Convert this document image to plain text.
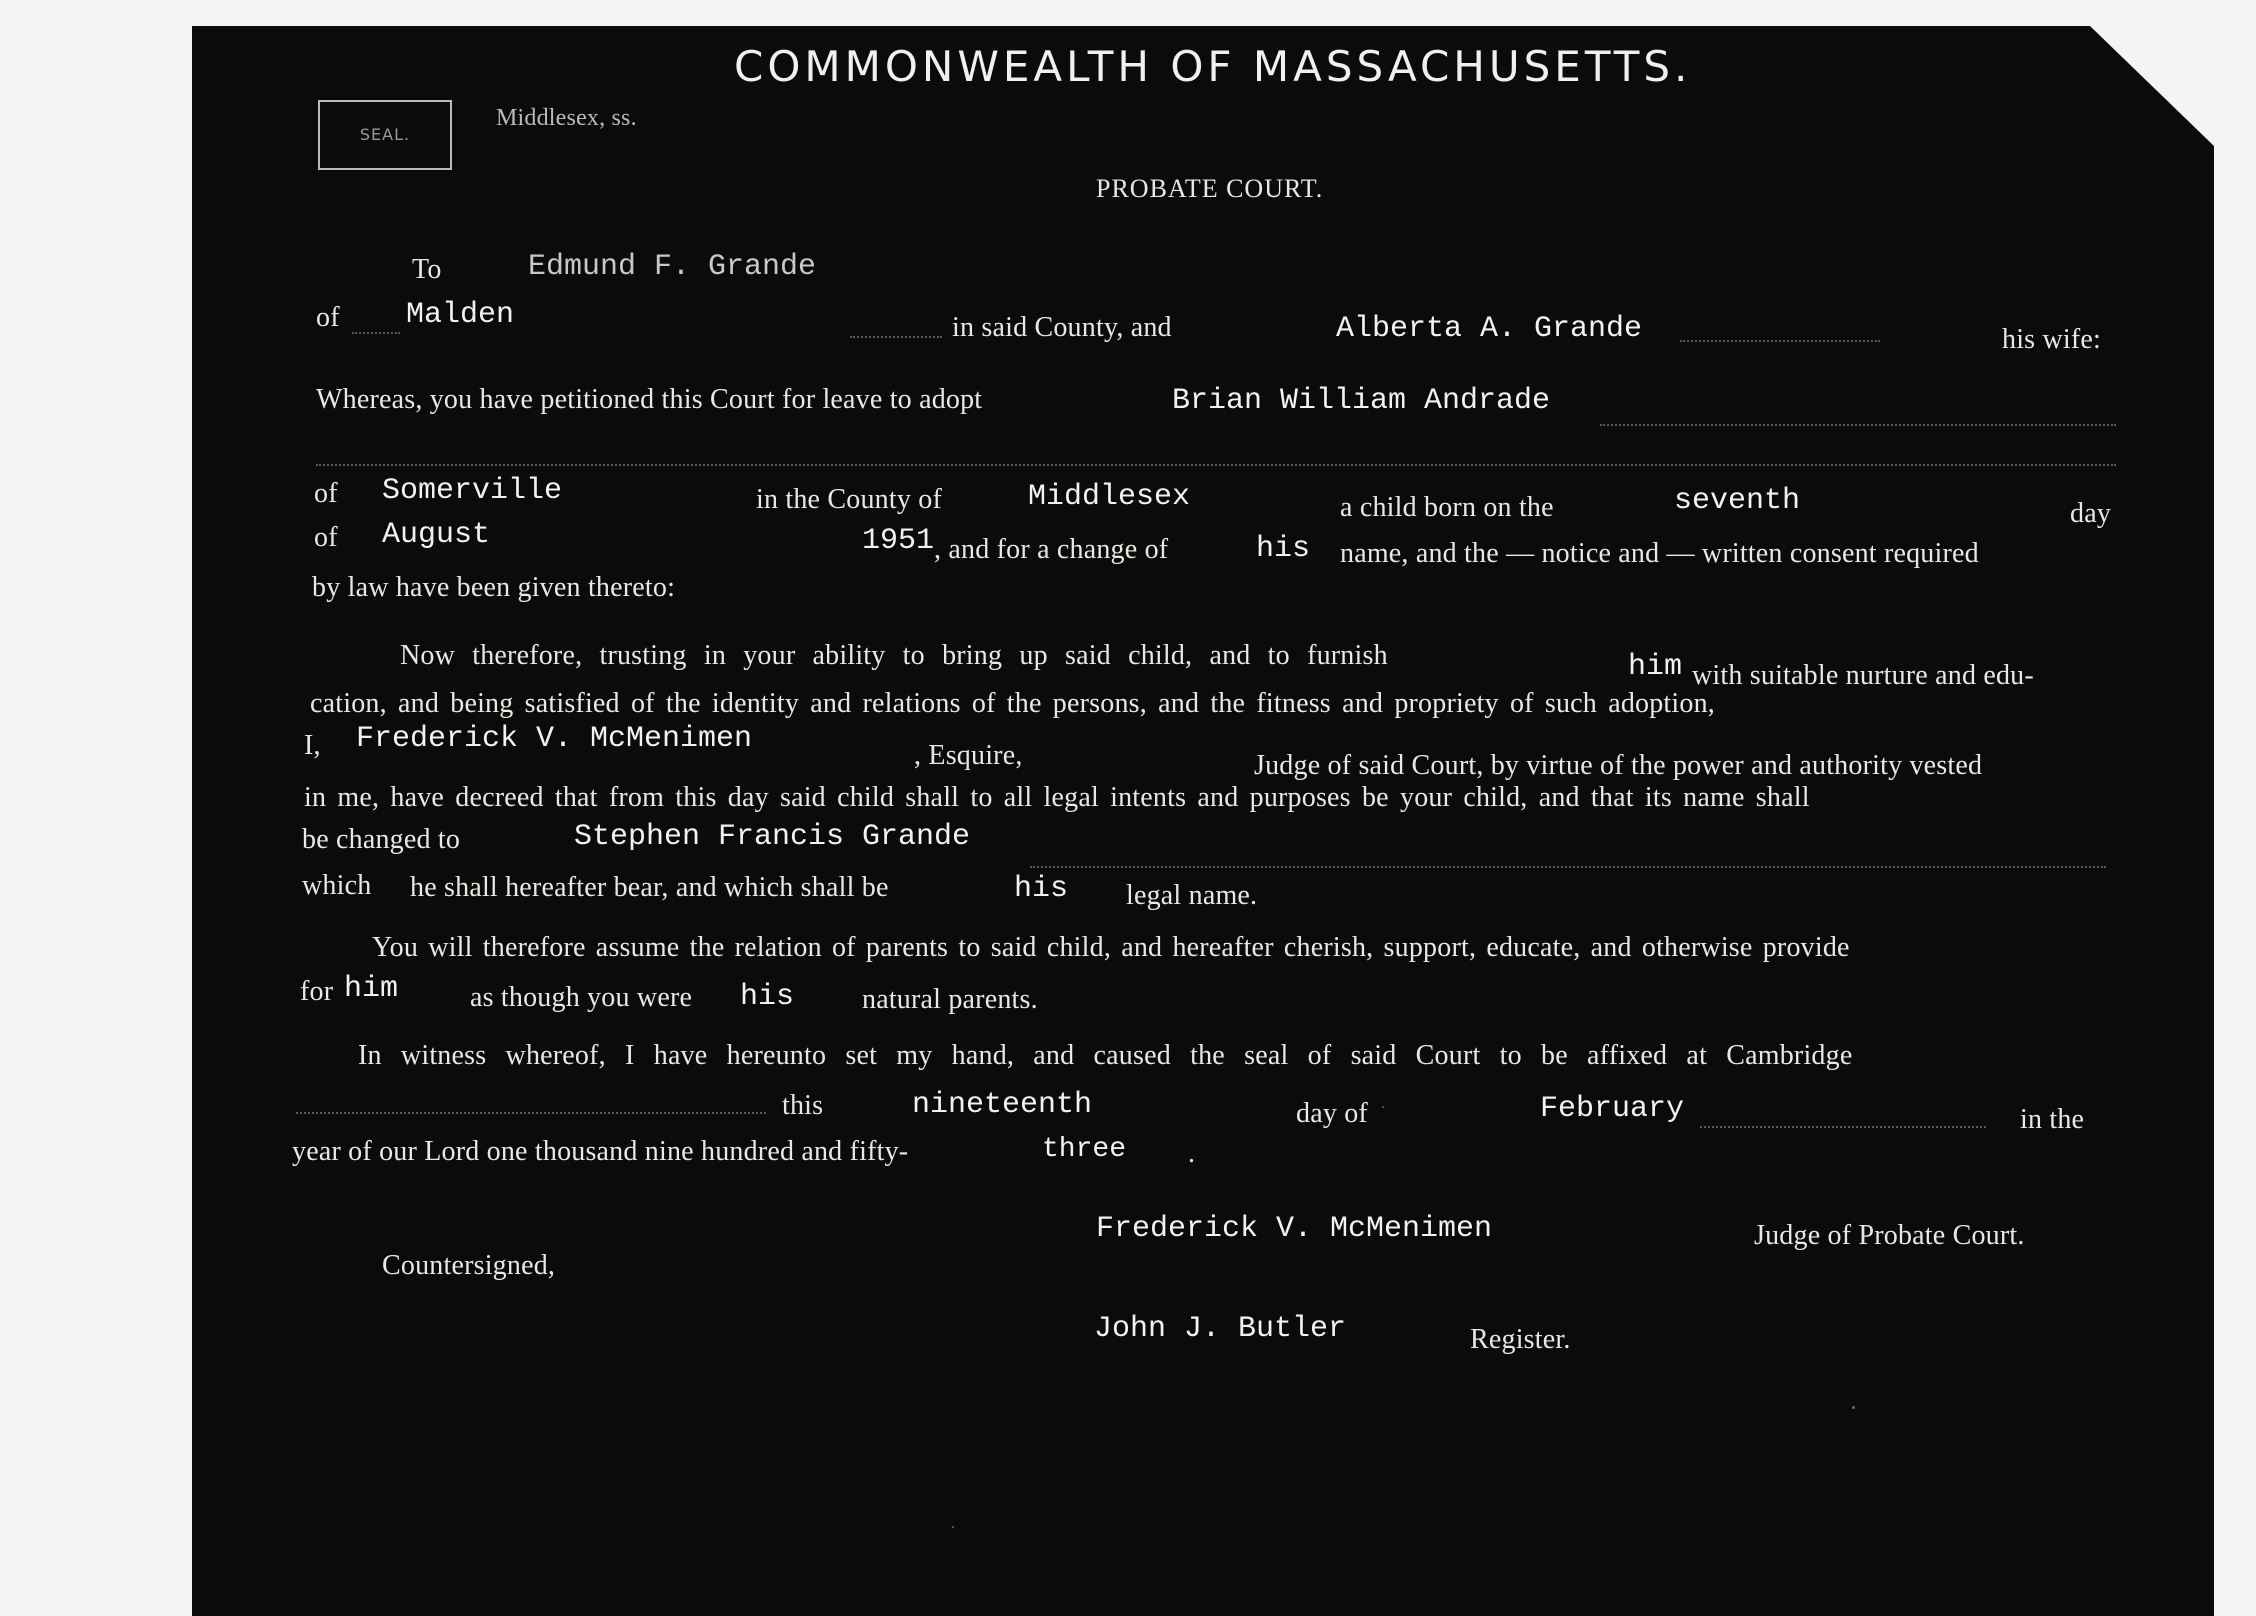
COMMONWEALTH OF MASSACHUSETTS.
SEAL.
Middlesex, ss.
PROBATE COURT.
To	Edmund F. Grande
of Malden	in said County, and	Alberta A. Grande	his wife:
Whereas, you have petitioned this Court for leave to adopt	Brian William Andrade
of Somerville	in the County of	Middlesex	a child born on the	seventh	day
of August	1951 , and for a change of	his name, and the — notice and — written consent required
by law have been given thereto:
Now therefore, trusting in your ability to bring up said child, and to furnish	him with suitable nurture and edu-
cation, and being satisfied of the identity and relations of the persons, and the fitness and propriety of such adoption,
I, Frederick V. McMenimen	, Esquire,	Judge of said Court, by virtue of the power and authority vested
in me, have decreed that from this day said child shall to all legal intents and purposes be your child, and that its name shall
be changed to	Stephen Francis Grande
which he shall hereafter bear, and which shall be	his legal name.
You will therefore assume the relation of parents to said child, and hereafter cherish, support, educate, and otherwise provide
for him	as though you were his natural parents.
In witness whereof, I have hereunto set my hand, and caused the seal of said Court to be affixed at Cambridge
this	nineteenth	day of	February	in the
year of our Lord one thousand nine hundred and fifty-	three .
Frederick V. McMenimen	Judge of Probate Court.
Countersigned,
John J. Butler	Register.
